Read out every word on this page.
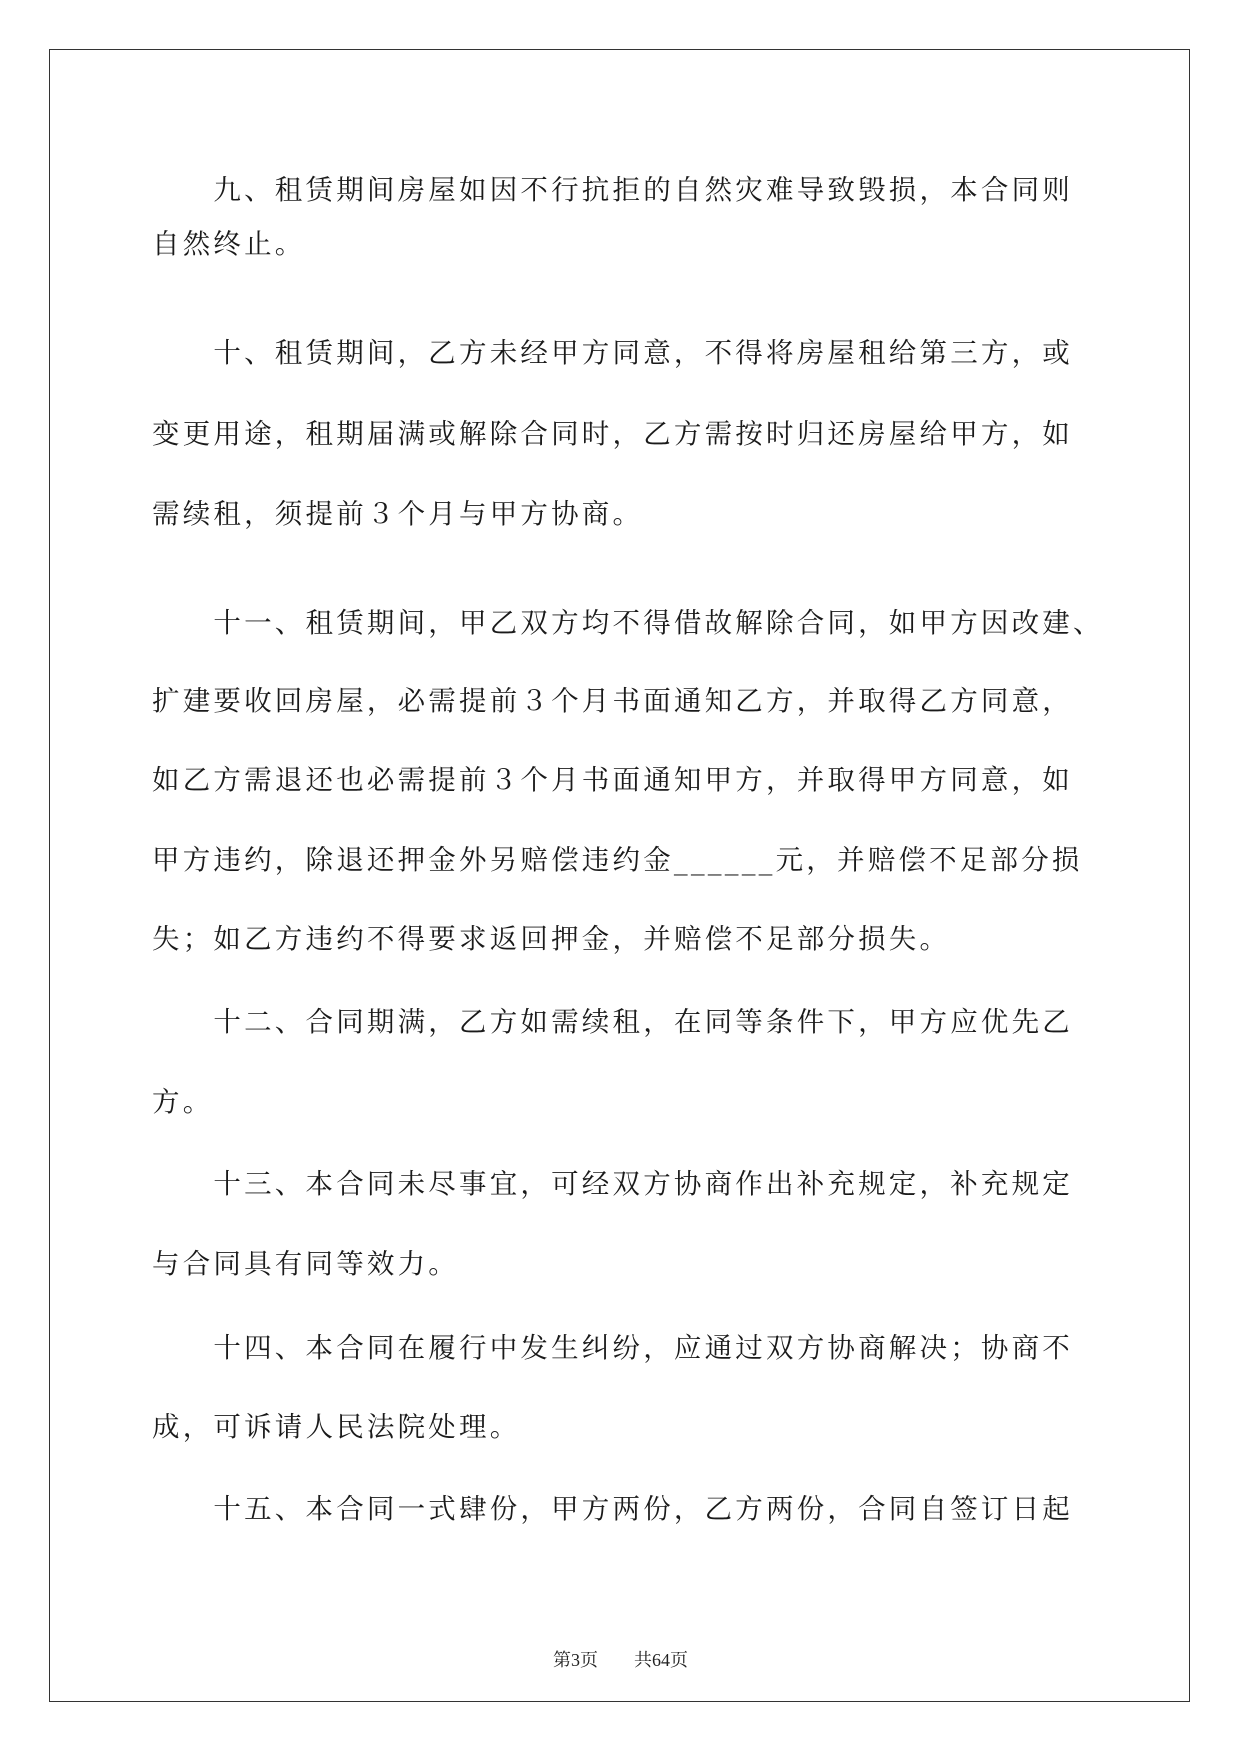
　　九、租赁期间房屋如因不行抗拒的自然灾难导致毁损，本合同则
自然终止。
　　十、租赁期间，乙方未经甲方同意，不得将房屋租给第三方，或
变更用途，租期届满或解除合同时，乙方需按时归还房屋给甲方，如
需续租，须提前３个月与甲方协商。
　　十一、租赁期间，甲乙双方均不得借故解除合同，如甲方因改建、
扩建要收回房屋，必需提前３个月书面通知乙方，并取得乙方同意，
如乙方需退还也必需提前３个月书面通知甲方，并取得甲方同意，如
甲方违约，除退还押金外另赔偿违约金______元，并赔偿不足部分损
失；如乙方违约不得要求返回押金，并赔偿不足部分损失。
　　十二、合同期满，乙方如需续租，在同等条件下，甲方应优先乙
方。
　　十三、本合同未尽事宜，可经双方协商作出补充规定，补充规定
与合同具有同等效力。
　　十四、本合同在履行中发生纠纷，应通过双方协商解决；协商不
成，可诉请人民法院处理。
　　十五、本合同一式肆份，甲方两份，乙方两份，合同自签订日起
第3页　　 共64页
